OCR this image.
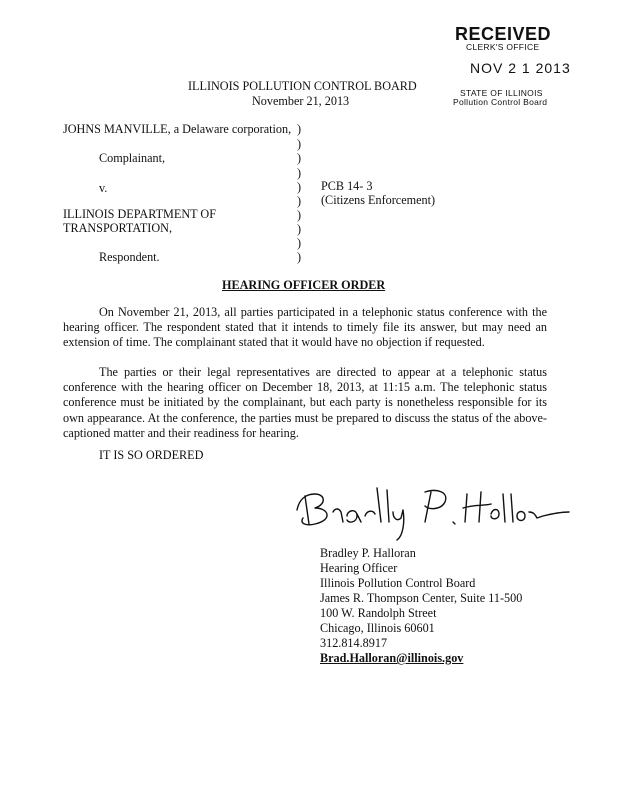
RECEIVED
CLERK'S OFFICE
NOV 2 1 2013
STATE OF ILLINOIS
Pollution Control Board
ILLINOIS POLLUTION CONTROL BOARD
November 21, 2013
JOHNS MANVILLE, a Delaware corporation,
Complainant,
v.	PCB 14- 3
(Citizens Enforcement)
ILLINOIS DEPARTMENT OF
TRANSPORTATION,
Respondent.
)
)
)
)
)
)
)
)
)
)
HEARING OFFICER ORDER
On November 21, 2013, all parties participated in a telephonic status conference with the hearing officer. The respondent stated that it intends to timely file its answer, but may need an extension of time. The complainant stated that it would have no objection if requested.
The parties or their legal representatives are directed to appear at a telephonic status conference with the hearing officer on December 18, 2013, at 11:15 a.m. The telephonic status conference must be initiated by the complainant, but each party is nonetheless responsible for its own appearance. At the conference, the parties must be prepared to discuss the status of the above-captioned matter and their readiness for hearing.
IT IS SO ORDERED
Bradley P. Halloran
Hearing Officer
Illinois Pollution Control Board
James R. Thompson Center, Suite 11-500
100 W. Randolph Street
Chicago, Illinois 60601
312.814.8917
Brad.Halloran@illinois.gov
